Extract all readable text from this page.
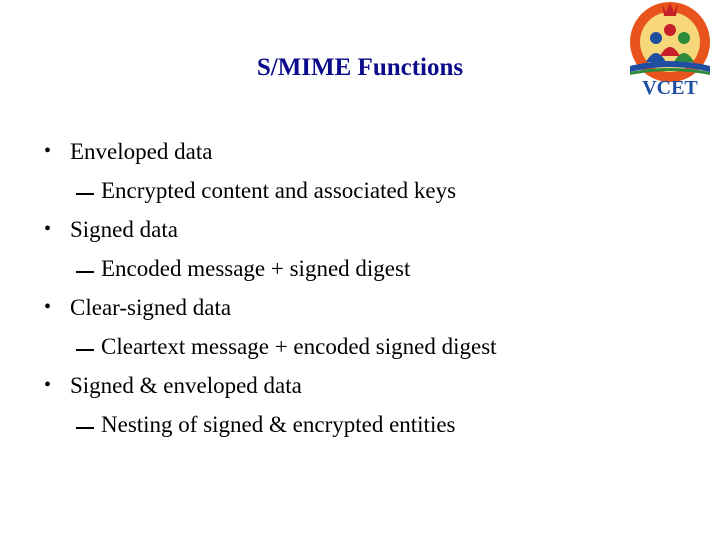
S/MIME Functions
VCET
• Enveloped data
Encrypted content and associated keys
• Signed data
Encoded message + signed digest
• Clear-signed data
Cleartext message + encoded signed digest
• Signed & enveloped data
Nesting of signed & encrypted entities
